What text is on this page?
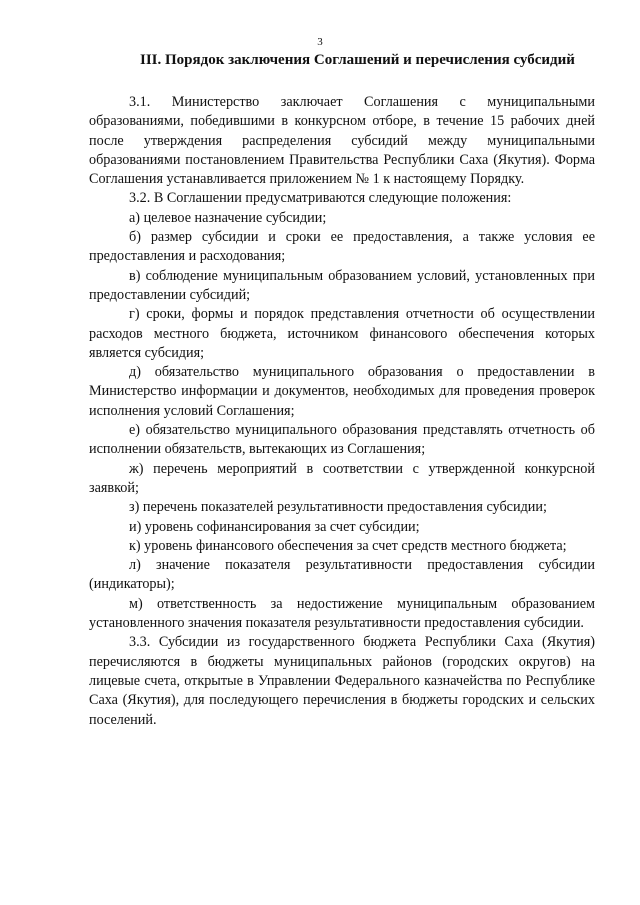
3
III. Порядок заключения Соглашений и перечисления субсидий

3.1. Министерство заключает Соглашения с муниципальными образованиями, победившими в конкурсном отборе, в течение 15 рабочих дней после утверждения распределения субсидий между муниципальными образованиями постановлением Правительства Республики Саха (Якутия). Форма Соглашения устанавливается приложением № 1 к настоящему Порядку.

3.2. В Соглашении предусматриваются следующие положения:

а) целевое назначение субсидии;

б) размер субсидии и сроки ее предоставления, а также условия ее предоставления и расходования;

в) соблюдение муниципальным образованием условий, установленных при предоставлении субсидий;

г) сроки, формы и порядок представления отчетности об осуществлении расходов местного бюджета, источником финансового обеспечения которых является субсидия;

д) обязательство муниципального образования о предоставлении в Министерство информации и документов, необходимых для проведения проверок исполнения условий Соглашения;

е) обязательство муниципального образования представлять отчетность об исполнении обязательств, вытекающих из Соглашения;

ж) перечень мероприятий в соответствии с утвержденной конкурсной заявкой;

з) перечень показателей результативности предоставления субсидии;

и) уровень софинансирования за счет субсидии;

к) уровень финансового обеспечения за счет средств местного бюджета;

л) значение показателя результативности предоставления субсидии (индикаторы);

м) ответственность за недостижение муниципальным образованием установленного значения показателя результативности предоставления субсидии.

3.3. Субсидии из государственного бюджета Республики Саха (Якутия) перечисляются в бюджеты муниципальных районов (городских округов) на лицевые счета, открытые в Управлении Федерального казначейства по Республике Саха (Якутия), для последующего перечисления в бюджеты городских и сельских поселений.
